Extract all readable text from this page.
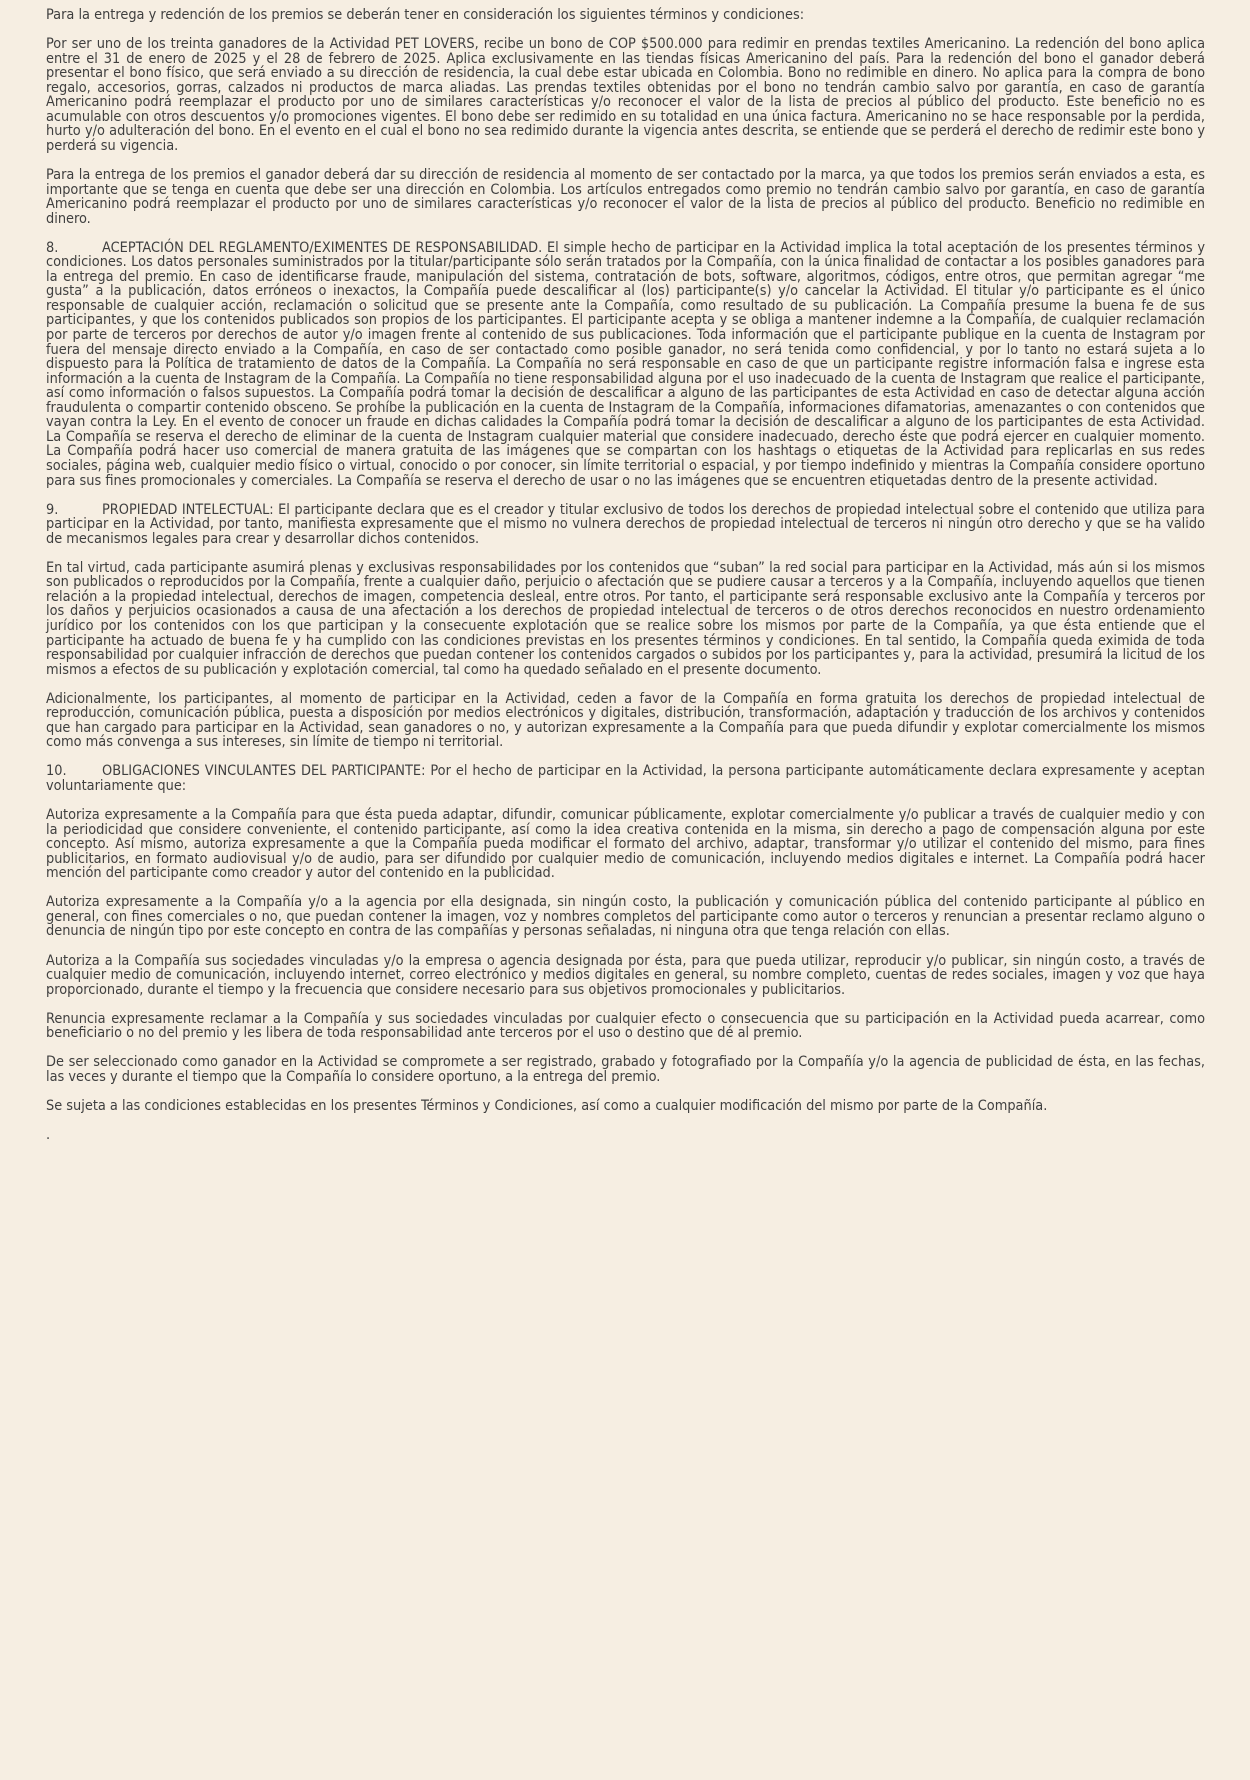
Para la entrega y redención de los premios se deberán tener en consideración los siguientes términos y condiciones:

Por ser uno de los treinta ganadores de la Actividad PET LOVERS, recibe un bono de COP $500.000 para redimir en prendas textiles Americanino. La redención del bono aplica entre el 31 de enero de 2025 y el 28 de febrero de 2025. Aplica exclusivamente en las tiendas físicas Americanino del país. Para la redención del bono el ganador deberá presentar el bono físico, que será enviado a su dirección de residencia, la cual debe estar ubicada en Colombia. Bono no redimible en dinero. No aplica para la compra de bono regalo, accesorios, gorras, calzados ni productos de marca aliadas. Las prendas textiles obtenidas por el bono no tendrán cambio salvo por garantía, en caso de garantía Americanino podrá reemplazar el producto por uno de similares características y/o reconocer el valor de la lista de precios al público del producto. Este beneficio no es acumulable con otros descuentos y/o promociones vigentes. El bono debe ser redimido en su totalidad en una única factura. Americanino no se hace responsable por la perdida, hurto y/o adulteración del bono. En el evento en el cual el bono no sea redimido durante la vigencia antes descrita, se entiende que se perderá el derecho de redimir este bono y perderá su vigencia.

Para la entrega de los premios el ganador deberá dar su dirección de residencia al momento de ser contactado por la marca, ya que todos los premios serán enviados a esta, es importante que se tenga en cuenta que debe ser una dirección en Colombia. Los artículos entregados como premio no tendrán cambio salvo por garantía, en caso de garantía Americanino podrá reemplazar el producto por uno de similares características y/o reconocer el valor de la lista de precios al público del producto. Beneficio no redimible en dinero.

8.	ACEPTACIÓN DEL REGLAMENTO/EXIMENTES DE RESPONSABILIDAD. El simple hecho de participar en la Actividad implica la total aceptación de los presentes términos y condiciones. Los datos personales suministrados por la titular/participante sólo serán tratados por la Compañía, con la única finalidad de contactar a los posibles ganadores para la entrega del premio. En caso de identificarse fraude, manipulación del sistema, contratación de bots, software, algoritmos, códigos, entre otros, que permitan agregar “me gusta” a la publicación, datos erróneos o inexactos, la Compañía puede descalificar al (los) participante(s) y/o cancelar la Actividad. El titular y/o participante es el único responsable de cualquier acción, reclamación o solicitud que se presente ante la Compañía, como resultado de su publicación. La Compañía presume la buena fe de sus participantes, y que los contenidos publicados son propios de los participantes. El participante acepta y se obliga a mantener indemne a la Compañía, de cualquier reclamación por parte de terceros por derechos de autor y/o imagen frente al contenido de sus publicaciones. Toda información que el participante publique en la cuenta de Instagram por fuera del mensaje directo enviado a la Compañía, en caso de ser contactado como posible ganador, no será tenida como confidencial, y por lo tanto no estará sujeta a lo dispuesto para la Política de tratamiento de datos de la Compañía. La Compañía no será responsable en caso de que un participante registre información falsa e ingrese esta información a la cuenta de Instagram de la Compañía. La Compañía no tiene responsabilidad alguna por el uso inadecuado de la cuenta de Instagram que realice el participante, así como información o falsos supuestos. La Compañía podrá tomar la decisión de descalificar a alguno de las participantes de esta Actividad en caso de detectar alguna acción fraudulenta o compartir contenido obsceno. Se prohíbe la publicación en la cuenta de Instagram de la Compañía, informaciones difamatorias, amenazantes o con contenidos que vayan contra la Ley. En el evento de conocer un fraude en dichas calidades la Compañía podrá tomar la decisión de descalificar a alguno de los participantes de esta Actividad. La Compañía se reserva el derecho de eliminar de la cuenta de Instagram cualquier material que considere inadecuado, derecho éste que podrá ejercer en cualquier momento. La Compañía podrá hacer uso comercial de manera gratuita de las imágenes que se compartan con los hashtags o etiquetas de la Actividad para replicarlas en sus redes sociales, página web, cualquier medio físico o virtual, conocido o por conocer, sin límite territorial o espacial, y por tiempo indefinido y mientras la Compañía considere oportuno para sus fines promocionales y comerciales. La Compañía se reserva el derecho de usar o no las imágenes que se encuentren etiquetadas dentro de la presente actividad.

9.	PROPIEDAD INTELECTUAL: El participante declara que es el creador y titular exclusivo de todos los derechos de propiedad intelectual sobre el contenido que utiliza para participar en la Actividad, por tanto, manifiesta expresamente que el mismo no vulnera derechos de propiedad intelectual de terceros ni ningún otro derecho y que se ha valido de mecanismos legales para crear y desarrollar dichos contenidos.

En tal virtud, cada participante asumirá plenas y exclusivas responsabilidades por los contenidos que “suban” la red social para participar en la Actividad, más aún si los mismos son publicados o reproducidos por la Compañía, frente a cualquier daño, perjuicio o afectación que se pudiere causar a terceros y a la Compañía, incluyendo aquellos que tienen relación a la propiedad intelectual, derechos de imagen, competencia desleal, entre otros. Por tanto, el participante será responsable exclusivo ante la Compañía y terceros por los daños y perjuicios ocasionados a causa de una afectación a los derechos de propiedad intelectual de terceros o de otros derechos reconocidos en nuestro ordenamiento jurídico por los contenidos con los que participan y la consecuente explotación que se realice sobre los mismos por parte de la Compañía, ya que ésta entiende que el participante ha actuado de buena fe y ha cumplido con las condiciones previstas en los presentes términos y condiciones. En tal sentido, la Compañía queda eximida de toda responsabilidad por cualquier infracción de derechos que puedan contener los contenidos cargados o subidos por los participantes y, para la actividad, presumirá la licitud de los mismos a efectos de su publicación y explotación comercial, tal como ha quedado señalado en el presente documento.

Adicionalmente, los participantes, al momento de participar en la Actividad, ceden a favor de la Compañía en forma gratuita los derechos de propiedad intelectual de reproducción, comunicación pública, puesta a disposición por medios electrónicos y digitales, distribución, transformación, adaptación y traducción de los archivos y contenidos que han cargado para participar en la Actividad, sean ganadores o no, y autorizan expresamente a la Compañía para que pueda difundir y explotar comercialmente los mismos como más convenga a sus intereses, sin límite de tiempo ni territorial.

10. OBLIGACIONES VINCULANTES DEL PARTICIPANTE: Por el hecho de participar en la Actividad, la persona participante automáticamente declara expresamente y aceptan voluntariamente que:

Autoriza expresamente a la Compañía para que ésta pueda adaptar, difundir, comunicar públicamente, explotar comercialmente y/o publicar a través de cualquier medio y con la periodicidad que considere conveniente, el contenido participante, así como la idea creativa contenida en la misma, sin derecho a pago de compensación alguna por este concepto. Así mismo, autoriza expresamente a que la Compañía pueda modificar el formato del archivo, adaptar, transformar y/o utilizar el contenido del mismo, para fines publicitarios, en formato audiovisual y/o de audio, para ser difundido por cualquier medio de comunicación, incluyendo medios digitales e internet. La Compañía podrá hacer mención del participante como creador y autor del contenido en la publicidad.

Autoriza expresamente a la Compañía y/o a la agencia por ella designada, sin ningún costo, la publicación y comunicación pública del contenido participante al público en general, con fines comerciales o no, que puedan contener la imagen, voz y nombres completos del participante como autor o terceros y renuncian a presentar reclamo alguno o denuncia de ningún tipo por este concepto en contra de las compañías y personas señaladas, ni ninguna otra que tenga relación con ellas.

Autoriza a la Compañía sus sociedades vinculadas y/o la empresa o agencia designada por ésta, para que pueda utilizar, reproducir y/o publicar, sin ningún costo, a través de cualquier medio de comunicación, incluyendo internet, correo electrónico y medios digitales en general, su nombre completo, cuentas de redes sociales, imagen y voz que haya proporcionado, durante el tiempo y la frecuencia que considere necesario para sus objetivos promocionales y publicitarios.

Renuncia expresamente reclamar a la Compañía y sus sociedades vinculadas por cualquier efecto o consecuencia que su participación en la Actividad pueda acarrear, como beneficiario o no del premio y les libera de toda responsabilidad ante terceros por el uso o destino que dé al premio.

De ser seleccionado como ganador en la Actividad se compromete a ser registrado, grabado y fotografiado por la Compañía y/o la agencia de publicidad de ésta, en las fechas, las veces y durante el tiempo que la Compañía lo considere oportuno, a la entrega del premio.

Se sujeta a las condiciones establecidas en los presentes Términos y Condiciones, así como a cualquier modificación del mismo por parte de la Compañía.

.
